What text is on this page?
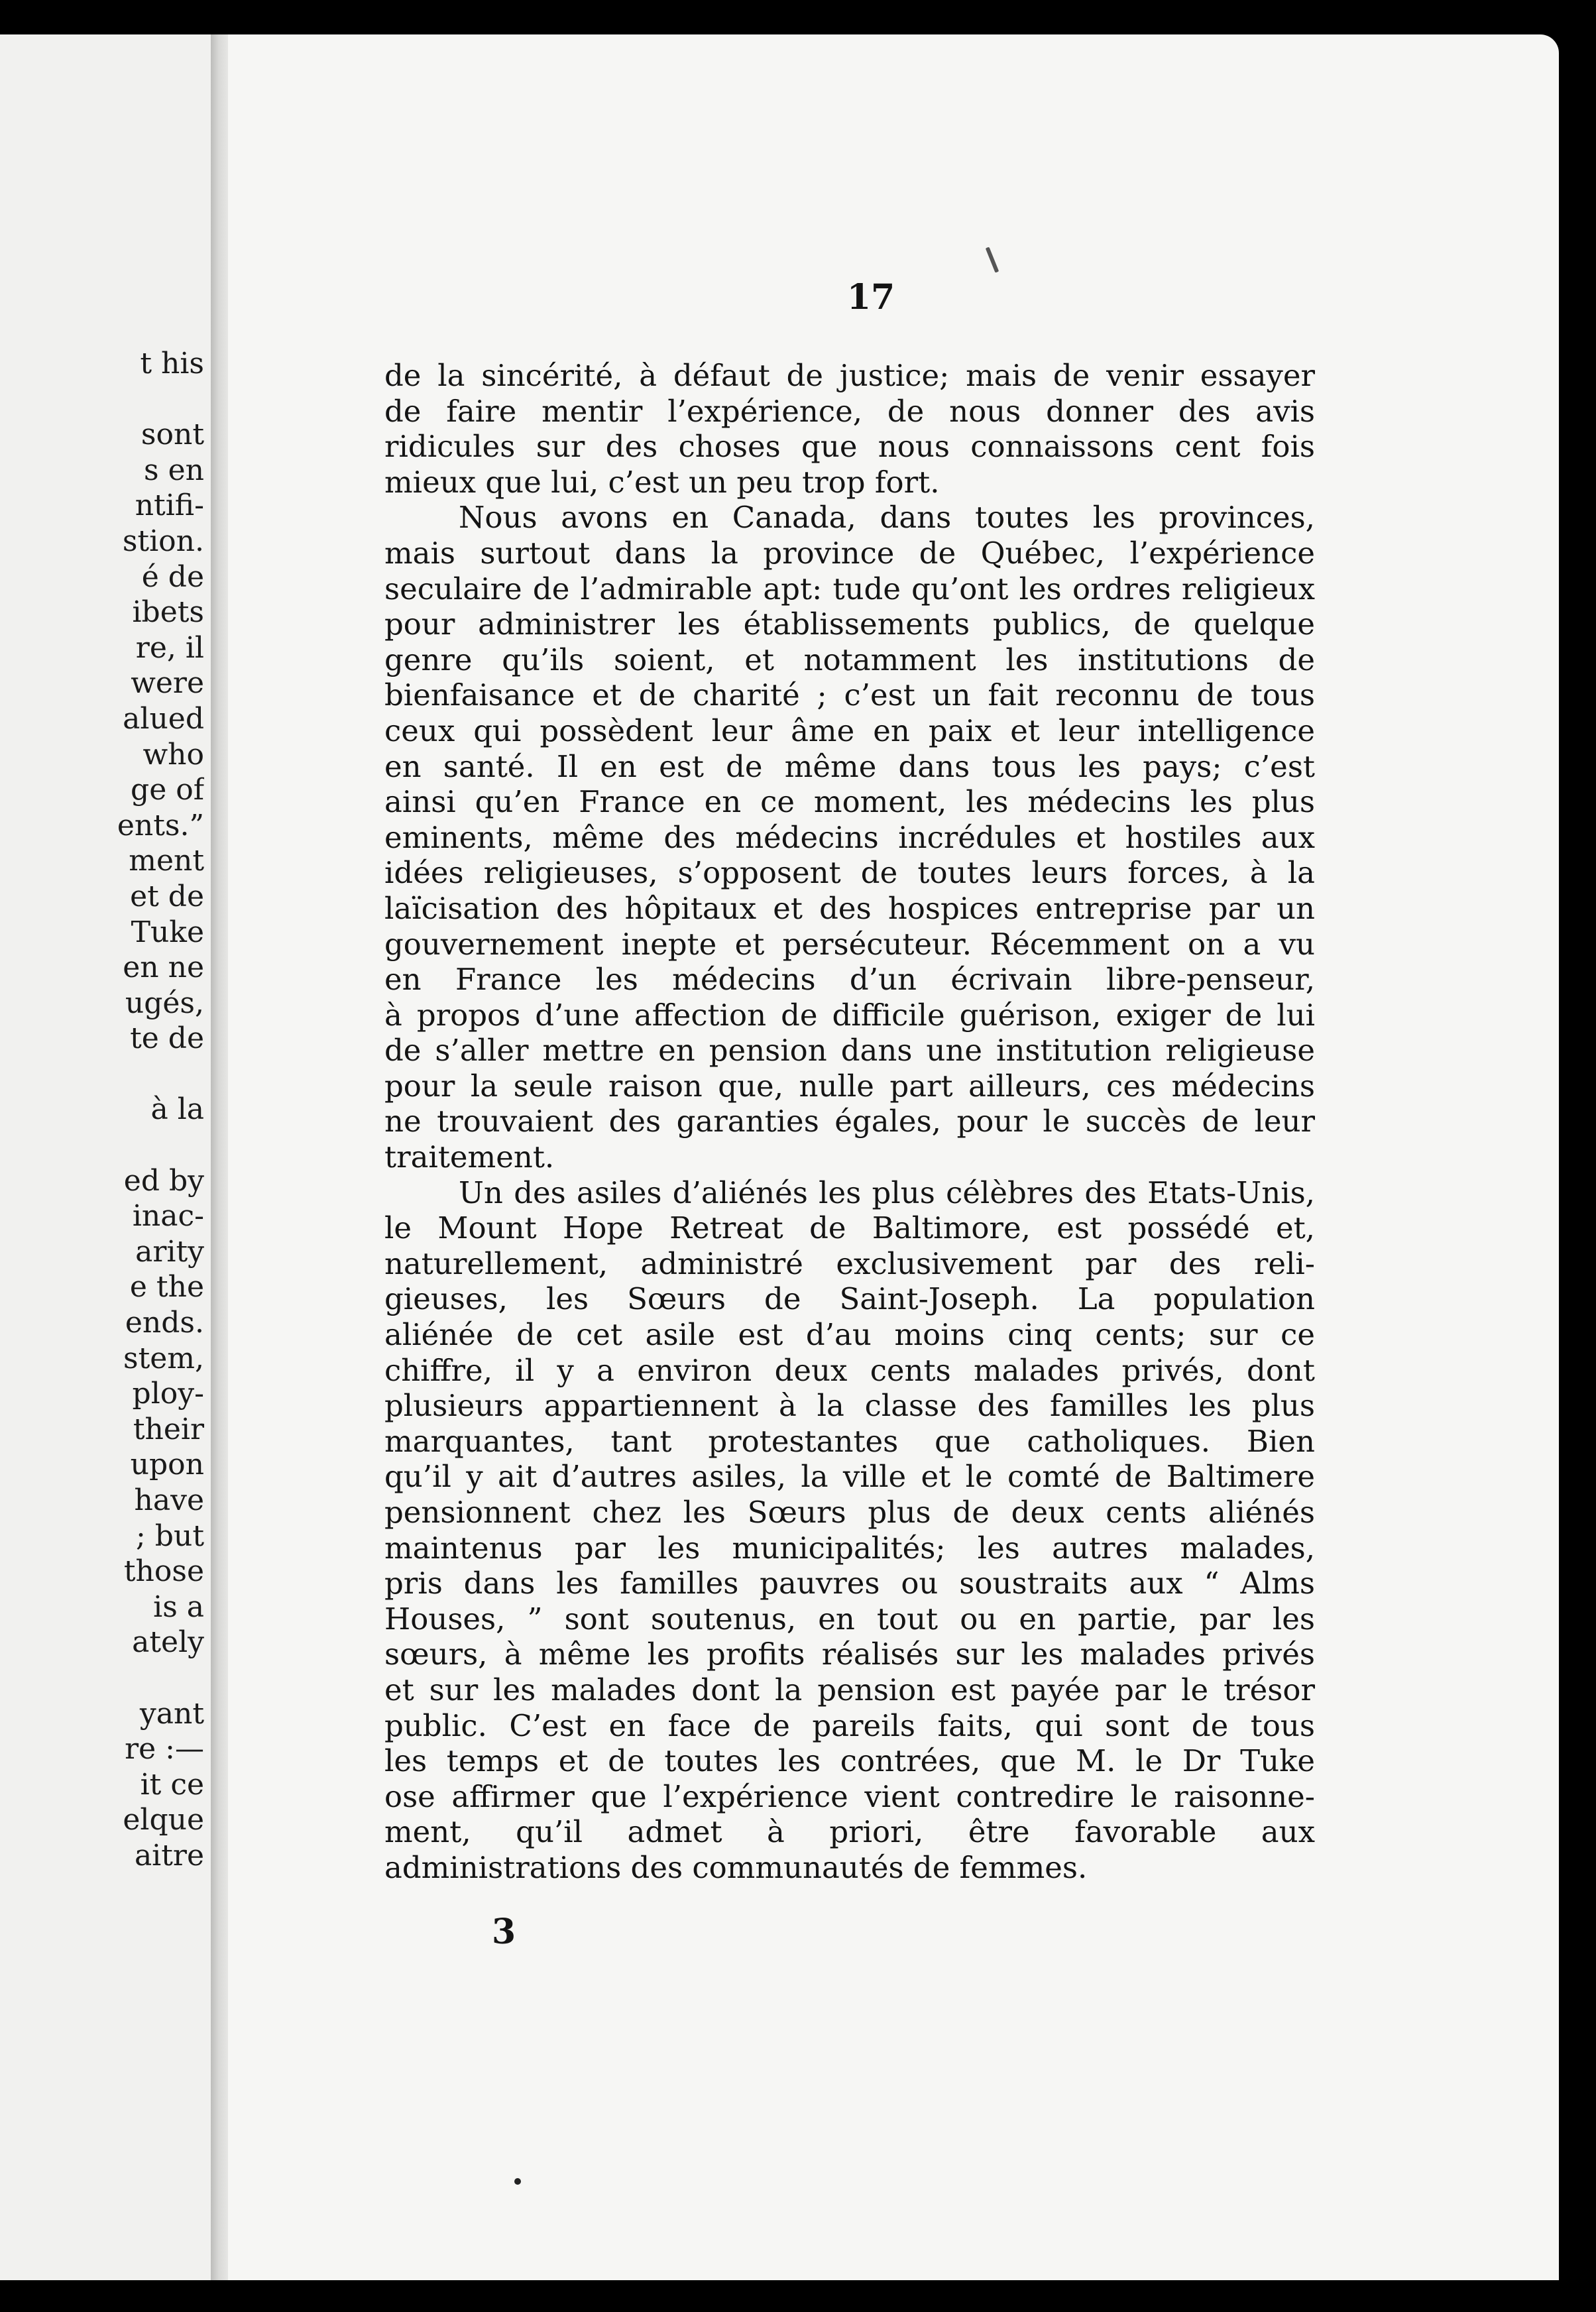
t his
sont
s en
ntifi-
stion.
é de
ibets
re, il
were
alued
who
ge of
ents.”
ment
et de
Tuke
en ne
ugés,
te de
à la
ed by
inac-
arity
e the
ends.
stem,
ploy-
their
upon
have
; but
those
is a
ately
yant
re :—
it ce
elque
aitre
17
de la sincérité, à défaut de justice; mais de venir essayer
de faire mentir l’expérience, de nous donner des avis
ridicules sur des choses que nous connaissons cent fois
mieux que lui, c’est un peu trop fort.
Nous avons en Canada, dans toutes les provinces,
mais surtout dans la province de Québec, l’expérience
seculaire de l’admirable apt: tude qu’ont les ordres religieux
pour administrer les établissements publics, de quelque
genre qu’ils soient, et notamment les institutions de
bienfaisance et de charité ; c’est un fait reconnu de tous
ceux qui possèdent leur âme en paix et leur intelligence
en santé. Il en est de même dans tous les pays; c’est
ainsi qu’en France en ce moment, les médecins les plus
eminents, même des médecins incrédules et hostiles aux
idées religieuses, s’opposent de toutes leurs forces, à la
laïcisation des hôpitaux et des hospices entreprise par un
gouvernement inepte et persécuteur. Récemment on a vu
en France les médecins d’un écrivain libre-penseur,
à propos d’une affection de difficile guérison, exiger de lui
de s’aller mettre en pension dans une institution religieuse
pour la seule raison que, nulle part ailleurs, ces médecins
ne trouvaient des garanties égales, pour le succès de leur
traitement.
Un des asiles d’aliénés les plus célèbres des Etats-Unis,
le Mount Hope Retreat de Baltimore, est possédé et,
naturellement, administré exclusivement par des reli-
gieuses, les Sœurs de Saint-Joseph. La population
aliénée de cet asile est d’au moins cinq cents; sur ce
chiffre, il y a environ deux cents malades privés, dont
plusieurs appartiennent à la classe des familles les plus
marquantes, tant protestantes que catholiques. Bien
qu’il y ait d’autres asiles, la ville et le comté de Baltimere
pensionnent chez les Sœurs plus de deux cents aliénés
maintenus par les municipalités; les autres malades,
pris dans les familles pauvres ou soustraits aux “ Alms
Houses, ” sont soutenus, en tout ou en partie, par les
sœurs, à même les profits réalisés sur les malades privés
et sur les malades dont la pension est payée par le trésor
public. C’est en face de pareils faits, qui sont de tous
les temps et de toutes les contrées, que M. le Dr Tuke
ose affirmer que l’expérience vient contredire le raisonne-
ment, qu’il admet à priori, être favorable aux
administrations des communautés de femmes.
3
